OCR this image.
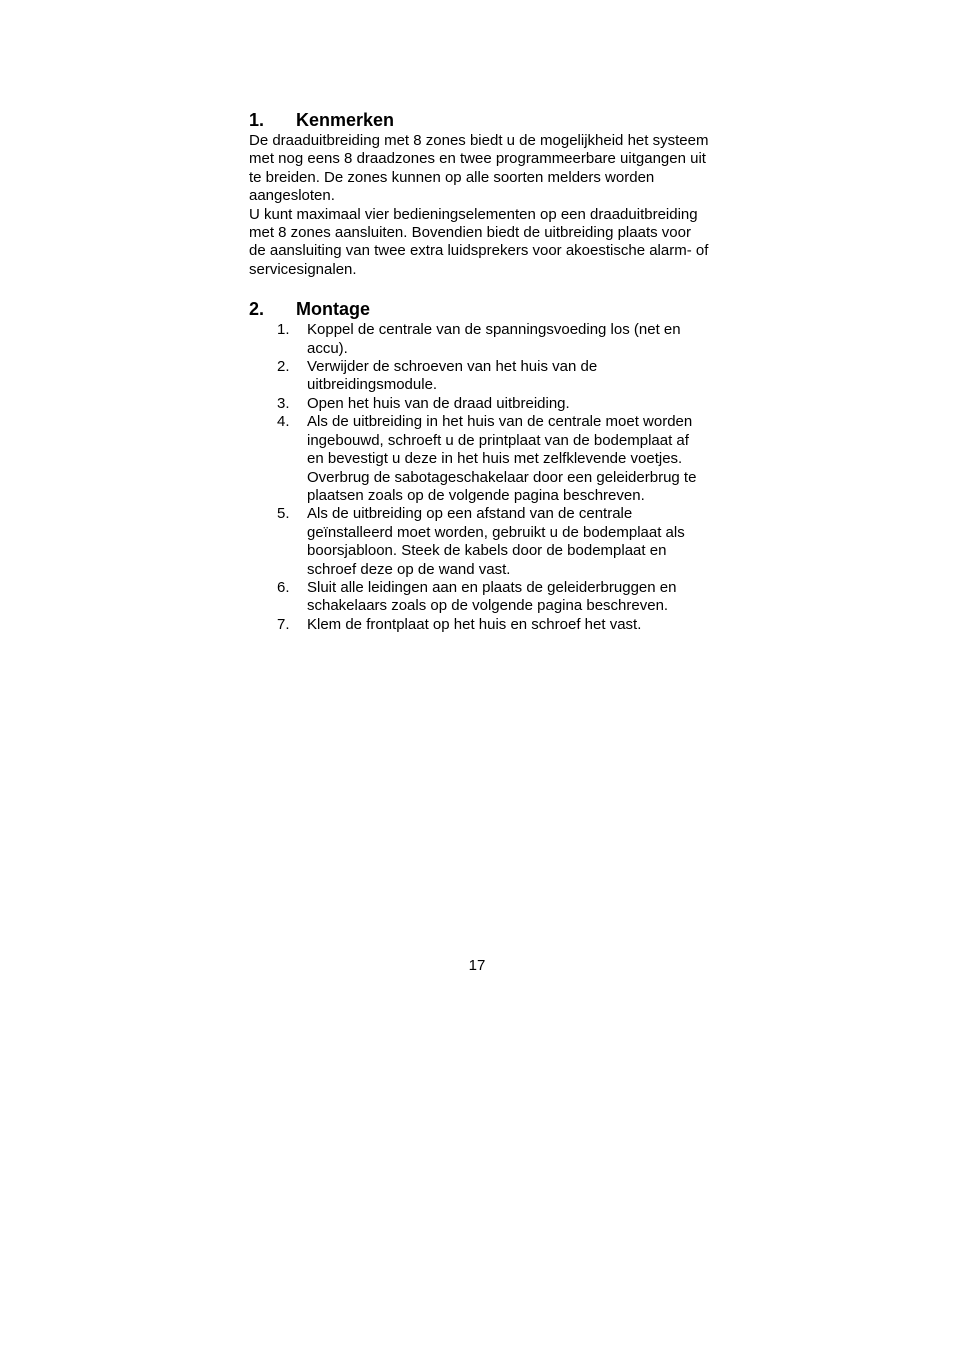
1.	Kenmerken

De draaduitbreiding met 8 zones biedt u de mogelijkheid het systeem met nog eens 8 draadzones en twee programmeerbare uitgangen uit te breiden. De zones kunnen op alle soorten melders worden aangesloten.

U kunt maximaal vier bedieningselementen op een draaduitbreiding met 8 zones aansluiten. Bovendien biedt de uitbreiding plaats voor de aansluiting van twee extra luidsprekers voor akoestische alarm- of servicesignalen.

2.	Montage
1.	Koppel de centrale van de spanningsvoeding los (net en accu).
2.	Verwijder de schroeven van het huis van de uitbreidingsmodule.
3.	Open het huis van de draad uitbreiding.
4.	Als de uitbreiding in het huis van de centrale moet worden ingebouwd, schroeft u de printplaat van de bodemplaat af en bevestigt u deze in het huis met zelfklevende voetjes. Overbrug de sabotageschakelaar door een geleiderbrug te plaatsen zoals op de volgende pagina beschreven.
5.	Als de uitbreiding op een afstand van de centrale geïnstalleerd moet worden, gebruikt u de bodemplaat als boorsjabloon. Steek de kabels door de bodemplaat en schroef deze op de wand vast.
6.	Sluit alle leidingen aan en plaats de geleiderbruggen en schakelaars zoals op de volgende pagina beschreven.
7.	Klem de frontplaat op het huis en schroef het vast.
17
